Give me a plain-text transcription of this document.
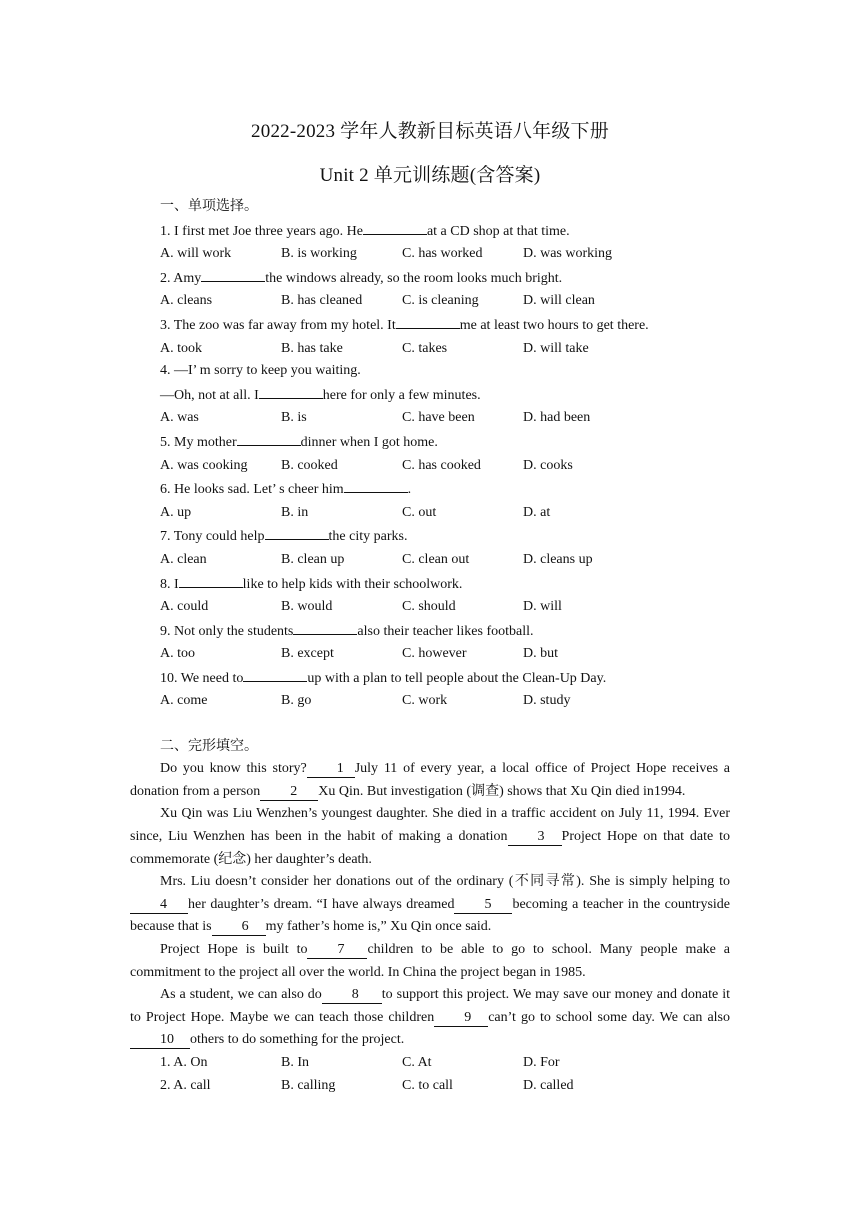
2022-2023 学年人教新目标英语八年级下册
Unit 2 单元训练题(含答案)
一、单项选择。
1. I first met Joe three years ago. He	at a CD shop at that time.
A. will work	B. is working	C. has worked	D. was working
2. Amy	the windows already, so the room looks much bright.
A. cleans	B. has cleaned	C. is cleaning	D. will clean
3. The zoo was far away from my hotel. It	me at least two hours to get there.
A. took	B. has take	C. takes	D. will take
4. —I’ m sorry to keep you waiting.
—Oh, not at all. I	here for only a few minutes.
A. was	B. is	C. have been	D. had been
5. My mother	dinner when I got home.
A. was cooking	B. cooked	C. has cooked	D. cooks
6. He looks sad. Let’ s cheer him	.
A. up	B. in	C. out	D. at
7. Tony could help	the city parks.
A. clean	B. clean up	C. clean out	D. cleans up
8. I	like to help kids with their schoolwork.
A. could	B. would	C. should	D. will
9. Not only the students	also their teacher likes football.
A. too	B. except	C. however	D. but
10. We need to	up with a plan to tell people about the Clean-Up Day.
A. come	B. go	C. work	D. study
二、完形填空。
Do you know this story? 1 July 11 of every year, a local office of Project Hope receives a donation from a person 2 Xu Qin. But investigation (调查) shows that Xu Qin died in1994.
Xu Qin was Liu Wenzhen’s youngest daughter. She died in a traffic accident on July 11, 1994. Ever since, Liu Wenzhen has been in the habit of making a donation 3 Project Hope on that date to commemorate (纪念) her daughter’s death.
Mrs. Liu doesn’t consider her donations out of the ordinary (不同寻常). She is simply helping to4 her daughter’s dream. “I have always dreamed 5 becoming a teacher in the countryside because that is 6 my father’s home is,” Xu Qin once said.
Project Hope is built to 7 children to be able to go to school. Many people make a commitment to the project all over the world. In China the project began in 1985.
As a student, we can also do 8 to support this project. We may save our money and donate it to Project Hope. Maybe we can teach those children 9 can’t go to school some day. We can also10 others to do something for the project.
1. A. On	B. In	C. At	D. For
2. A. call	B. calling	C. to call	D. called
